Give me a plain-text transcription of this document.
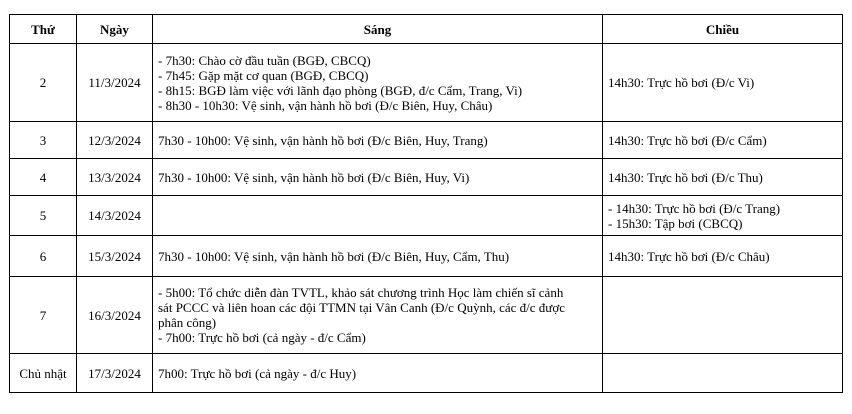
Thứ	Ngày	Sáng	Chiều
2	11/3/2024	- 7h30: Chào cờ đầu tuần (BGĐ, CBCQ)
- 7h45: Gặp mặt cơ quan (BGĐ, CBCQ)
- 8h15: BGĐ làm việc với lãnh đạo phòng (BGĐ, đ/c Cẩm, Trang, Vi)
- 8h30 - 10h30: Vệ sinh, vận hành hồ bơi (Đ/c Biên, Huy, Châu)	14h30: Trực hồ bơi (Đ/c Vi)

3	12/3/2024	7h30 - 10h00: Vệ sinh, vận hành hồ bơi (Đ/c Biên, Huy, Trang)	14h30: Trực hồ bơi (Đ/c Cẩm)

4	13/3/2024	7h30 - 10h00: Vệ sinh, vận hành hồ bơi (Đ/c Biên, Huy, Vi)	14h30: Trực hồ bơi (Đ/c Thu)

5	14/3/2024		- 14h30: Trực hồ bơi (Đ/c Trang)
- 15h30: Tập bơi (CBCQ)

6	15/3/2024	7h30 - 10h00: Vệ sinh, vận hành hồ bơi (Đ/c Biên, Huy, Cẩm, Thu)	14h30: Trực hồ bơi (Đ/c Châu)

7	16/3/2024	- 5h00: Tổ chức diễn đàn TVTL, khảo sát chương trình Học làm chiến sĩ cảnh
sát PCCC và liên hoan các đội TTMN tại Vân Canh (Đ/c Quỳnh, các đ/c được
phân công)
- 7h00: Trực hồ bơi (cả ngày - đ/c Cẩm)	

Chủ nhật	17/3/2024	7h00: Trực hồ bơi (cả ngày - đ/c Huy)	
